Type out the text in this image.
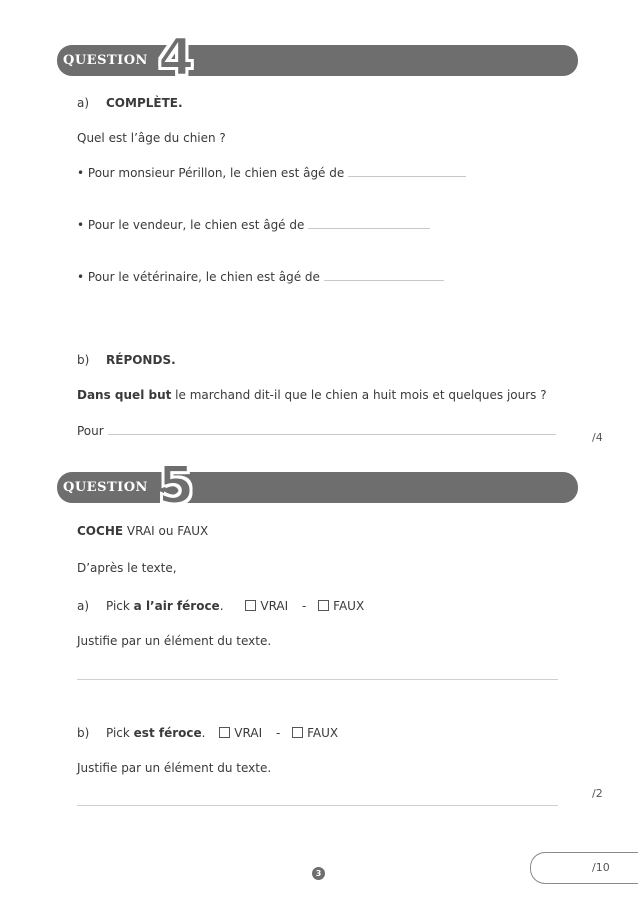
QUESTION 4
a) COMPLÈTE.
Quel est l’âge du chien ?
• Pour monsieur Périllon, le chien est âgé de
• Pour le vendeur, le chien est âgé de
• Pour le vétérinaire, le chien est âgé de
b) RÉPONDS.
Dans quel but le marchand dit-il que le chien a huit mois et quelques jours ?
Pour	/4
QUESTION 5
COCHE VRAI ou FAUX
D’après le texte,
a) Pick a l’air féroce.	VRAI - FAUX
Justifie par un élément du texte.
b) Pick est féroce. VRAI - FAUX
Justifie par un élément du texte.
/2
/10
3
